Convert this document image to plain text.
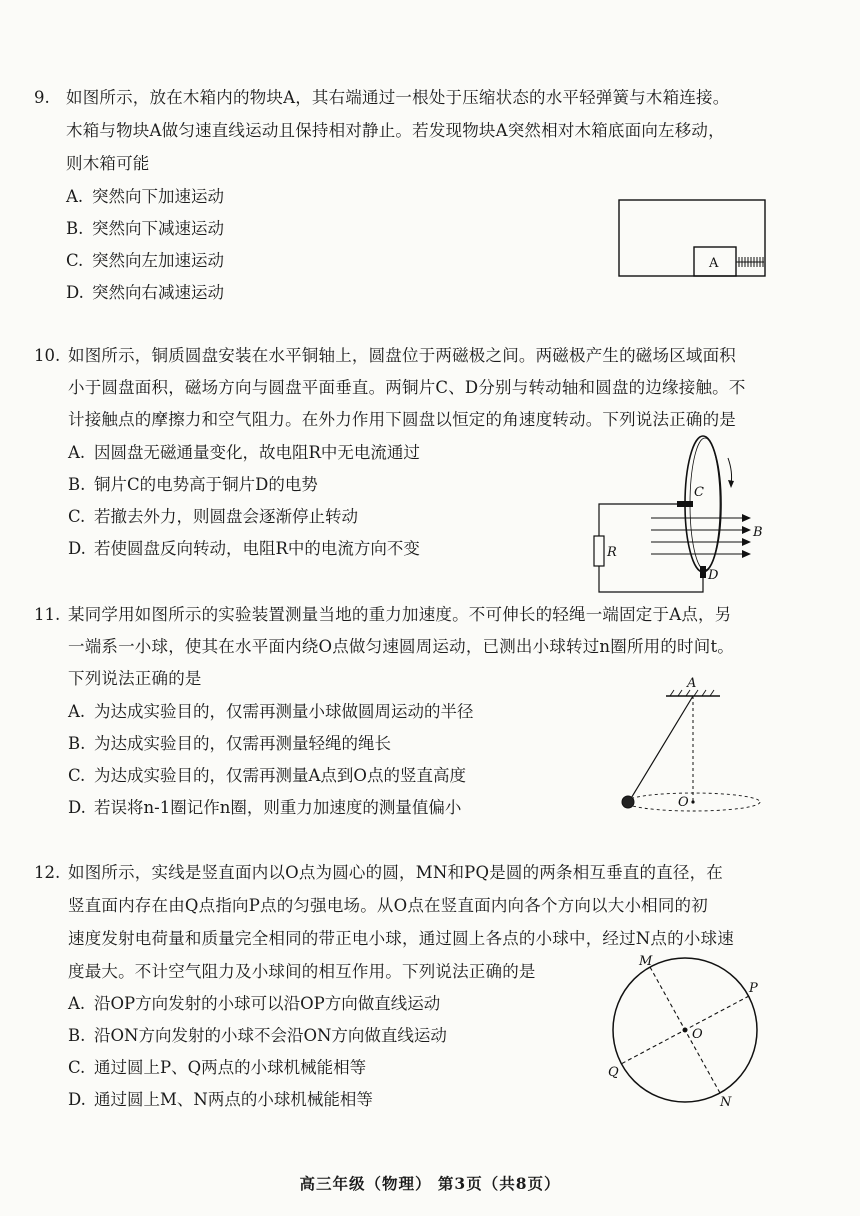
9. 如图所示，放在木箱内的物块A，其右端通过一根处于压缩状态的水平轻弹簧与木箱连接。
木箱与物块A做匀速直线运动且保持相对静止。若发现物块A突然相对木箱底面向左移动，
则木箱可能
A. 突然向下加速运动
B. 突然向下减速运动
C. 突然向左加速运动
D. 突然向右减速运动
A
10. 如图所示，铜质圆盘安装在水平铜轴上，圆盘位于两磁极之间。两磁极产生的磁场区域面积
小于圆盘面积，磁场方向与圆盘平面垂直。两铜片C、D分别与转动轴和圆盘的边缘接触。不
计接触点的摩擦力和空气阻力。在外力作用下圆盘以恒定的角速度转动。下列说法正确的是
A. 因圆盘无磁通量变化，故电阻R中无电流通过
B. 铜片C的电势高于铜片D的电势
C. 若撤去外力，则圆盘会逐渐停止转动
D. 若使圆盘反向转动，电阻R中的电流方向不变	R
B
C
D
11. 某同学用如图所示的实验装置测量当地的重力加速度。不可伸长的轻绳一端固定于A点，另
一端系一小球，使其在水平面内绕O点做匀速圆周运动，已测出小球转过n圈所用的时间t。
下列说法正确的是
A. 为达成实验目的，仅需再测量小球做圆周运动的半径
B. 为达成实验目的，仅需再测量轻绳的绳长
C. 为达成实验目的，仅需再测量A点到O点的竖直高度
D. 若误将n-1圈记作n圈，则重力加速度的测量值偏小
A
O
12. 如图所示，实线是竖直面内以O点为圆心的圆，MN和PQ是圆的两条相互垂直的直径，在
竖直面内存在由Q点指向P点的匀强电场。从O点在竖直面内向各个方向以大小相同的初
速度发射电荷量和质量完全相同的带正电小球，通过圆上各点的小球中，经过N点的小球速
度最大。不计空气阻力及小球间的相互作用。下列说法正确的是
A. 沿OP方向发射的小球可以沿OP方向做直线运动
B. 沿ON方向发射的小球不会沿ON方向做直线运动
C. 通过圆上P、Q两点的小球机械能相等
D. 通过圆上M、N两点的小球机械能相等
O
M
P
Q
N
高三年级（物理） 第3页（共8页）
